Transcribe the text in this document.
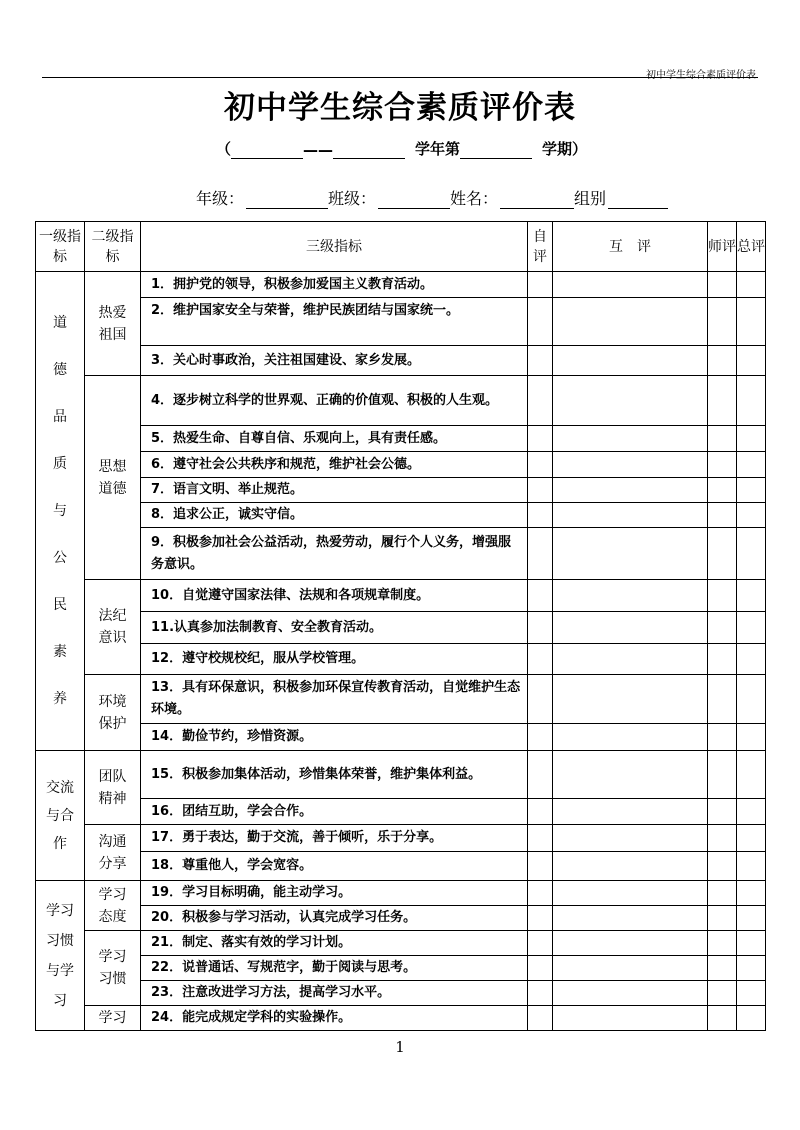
初中学生综合素质评价表
初中学生综合素质评价表
（	——	学年第	学期）
年级：	班级：	姓名：	组别
一级指标	二级指标	三级指标	自评	互　评	师评	总评

道德品质与公民素养	热爱祖国	1．拥护党的领导，积极参加爱国主义教育活动。				
		2．维护国家安全与荣誉，维护民族团结与国家统一。				
		3．关心时事政治，关注祖国建设、家乡发展。				

	思想道德	4．逐步树立科学的世界观、正确的价值观、积极的人生观。				
		5．热爱生命、自尊自信、乐观向上，具有责任感。				
		6．遵守社会公共秩序和规范，维护社会公德。				
		7．语言文明、举止规范。				
		8．追求公正，诚实守信。				
		9．积极参加社会公益活动，热爱劳动，履行个人义务，增强服务意识。				

	法纪意识	10．自觉遵守国家法律、法规和各项规章制度。				
		11.认真参加法制教育、安全教育活动。				
		12．遵守校规校纪，服从学校管理。				

	环境保护	13．具有环保意识，积极参加环保宣传教育活动，自觉维护生态环境。				
		14．勤俭节约，珍惜资源。				

交流与合作	团队精神	15．积极参加集体活动，珍惜集体荣誉，维护集体利益。				
		16．团结互助，学会合作。				

	沟通分享	17．勇于表达，勤于交流，善于倾听，乐于分享。				
		18．尊重他人，学会宽容。				

学习习惯与学习	学习态度	19．学习目标明确，能主动学习。				
		20．积极参与学习活动，认真完成学习任务。				

	学习习惯	21．制定、落实有效的学习计划。				
		22．说普通话、写规范字，勤于阅读与思考。				
		23．注意改进学习方法，提高学习水平。				

	学习	24．能完成规定学科的实验操作。				
1
